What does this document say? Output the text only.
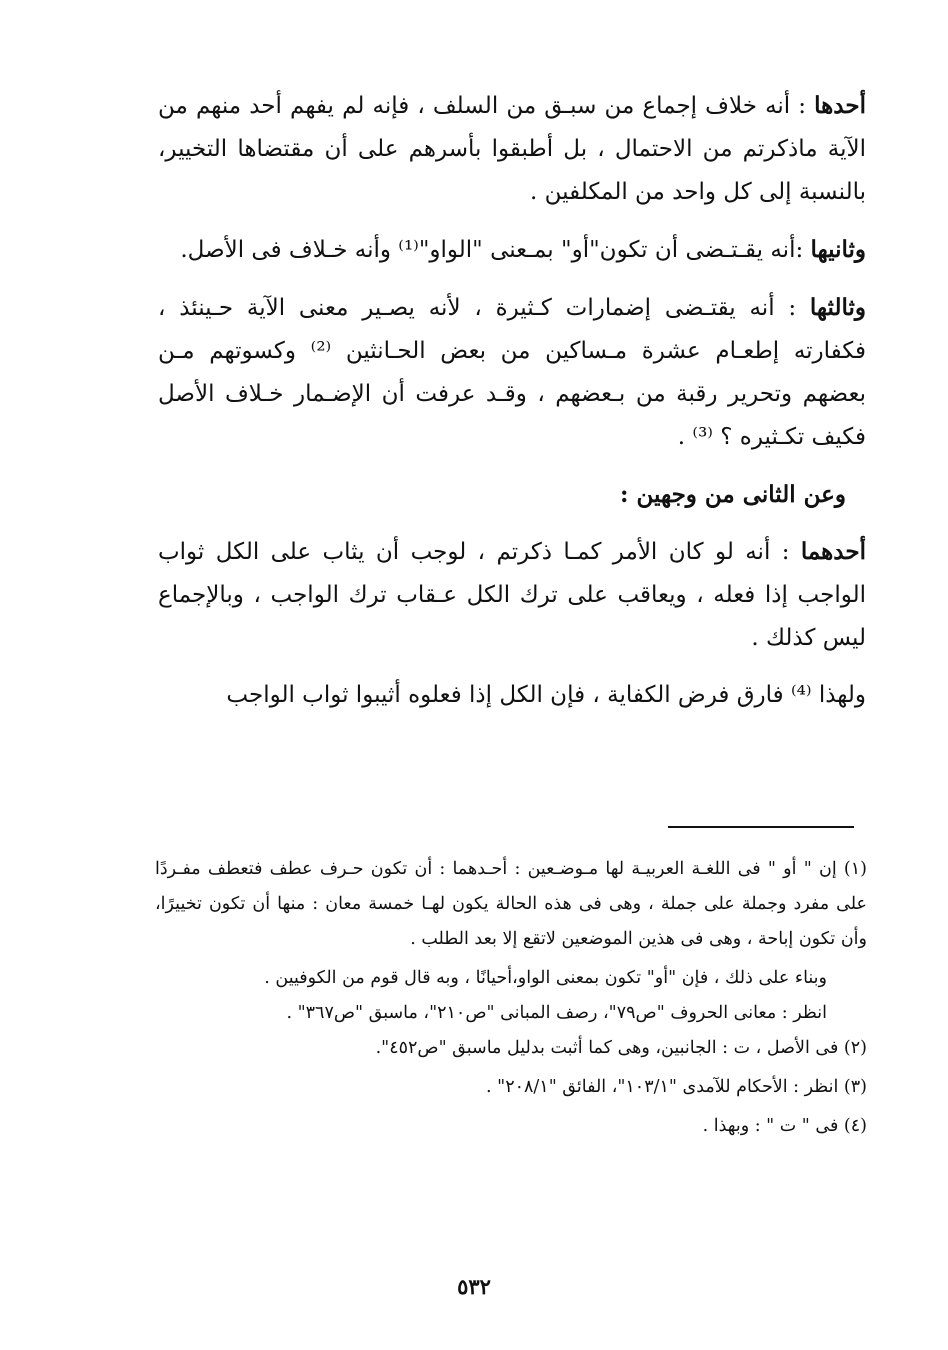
أحدها : أنه خلاف إجماع من سبـق من السلف ، فإنه لم يفهم أحد منهم من الآية ماذكرتم من الاحتمال ، بل أطبقوا بأسرهم على أن مقتضاها التخيير، بالنسبة إلى كل واحد من المكلفين .

وثانيها :أنه يقـتـضى أن تكون"أو" بمـعنى "الواو"⁽¹⁾ وأنه خـلاف فى الأصل.

وثالثها : أنه يقتـضى إضمارات كـثيرة ، لأنه يصـير معنى الآية حـينئذ ، فكفارته إطعـام عشرة مـساكين من بعض الحـانثين ⁽²⁾ وكسوتهم مـن بعضهم وتحرير رقبة من بـعضهم ، وقـد عرفت أن الإضـمار خـلاف الأصل فكيف تكـثيره ؟ ⁽³⁾ .

وعن الثانى من وجهين :

أحدهما : أنه لو كان الأمر كمـا ذكرتم ، لوجب أن يثاب على الكل ثواب الواجب إذا فعله ، ويعاقب على ترك الكل عـقاب ترك الواجب ، وبالإجماع ليس كذلك .

ولهذا ⁽⁴⁾ فارق فرض الكفاية ، فإن الكل إذا فعلوه أثيبوا ثواب الواجب

(١) إن " أو " فى اللغـة العربيـة لها مـوضـعين : أحـدهما : أن تكون حـرف عطف فتعطف مفـردًا على مفرد وجملة على جملة ، وهى فى هذه الحالة يكون لهـا خمسة معان : منها أن تكون تخييرًا، وأن تكون إباحة ، وهى فى هذين الموضعين لاتقع إلا بعد الطلب .

وبناء على ذلك ، فإن "أو" تكون بمعنى الواو،أحيانًا ، وبه قال قوم من الكوفيين .

انظر : معانى الحروف "ص٧٩"، رصف المبانى "ص٢١٠"، ماسبق "ص٣٦٧" .

(٢) فى الأصل ، ت : الجانبين، وهى كما أثبت بدليل ماسبق "ص٤٥٢".

(٣) انظر : الأحكام للآمدى "١٠٣/١"، الفائق "٢٠٨/١" .

(٤) فى " ت " : وبهذا .

٥٣٢
